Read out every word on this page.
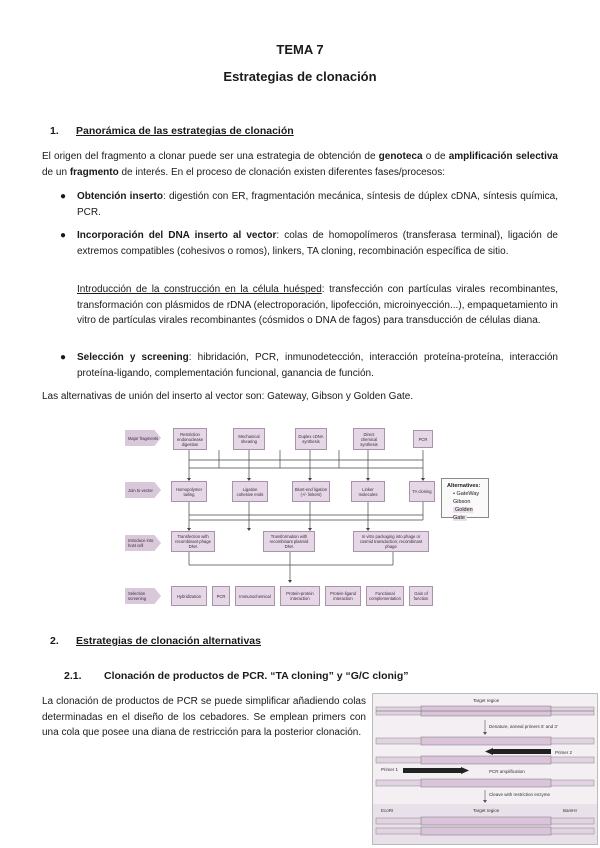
TEMA 7
Estrategias de clonación
1. Panorámica de las estrategias de clonación
El origen del fragmento a clonar puede ser una estrategia de obtención de genoteca o de amplificación selectiva de un fragmento de interés. En el proceso de clonación existen diferentes fases/procesos:
● Obtención inserto: digestión con ER, fragmentación mecánica, síntesis de dúplex cDNA, síntesis química, PCR.
● Incorporación del DNA inserto al vector: colas de homopolímeros (transferasa terminal), ligación de extremos compatibles (cohesivos o romos), linkers, TA cloning, recombinación específica de sitio.
Introducción de la construcción en la célula huésped: transfección con partículas virales recombinantes, transformación con plásmidos de rDNA (electroporación, lipofección, microinyección...), empaquetamiento in vitro de partículas virales recombinantes (cósmidos o DNA de fagos) para transducción de células diana.
● Selección y screening: hibridación, PCR, inmunodetección, interacción proteína-proteína, interacción proteína-ligando, complementación funcional, ganancia de función.
Las alternativas de unión del inserto al vector son: Gateway, Gibson y Golden Gate.
Major fragments
Join to vector
Introduce into host cell
Selection screening
Restriction endonuclease digestion
Mechanical shearing
Duplex cDNA synthesis
Direct chemical synthesis
PCR
Homopolymer tailing
Ligation cohesive ends
Blunt-end ligation (+/- linkers)
Linker molecules	TA cloning
Alternatives:
• GateWay
Gibson
Golden Gate
Transfection with recombinant phage DNA
Transformation with recombinant plasmid DNA
In vitro packaging into phage or cosmid transduction; recombinant phage
Hybridization	PCR	Immunochemical	Protein-protein interaction
Protein-ligand interaction
Functional complementation
Gain of function
2. Estrategias de clonación alternativas
2.1. Clonación de productos de PCR. “TA cloning” y “G/C clonig”
La clonación de productos de PCR se puede simplificar añadiendo colas determinadas en el diseño de los cebadores. Se emplean primers con una cola que posee una diana de restricción para la posterior clonación.
Target region
Denature, anneal primers 5' and 3'
Primer 1
Primer 2
PCR amplification
Cleave with restriction enzyme
EcoRI	Target region	BamHI
